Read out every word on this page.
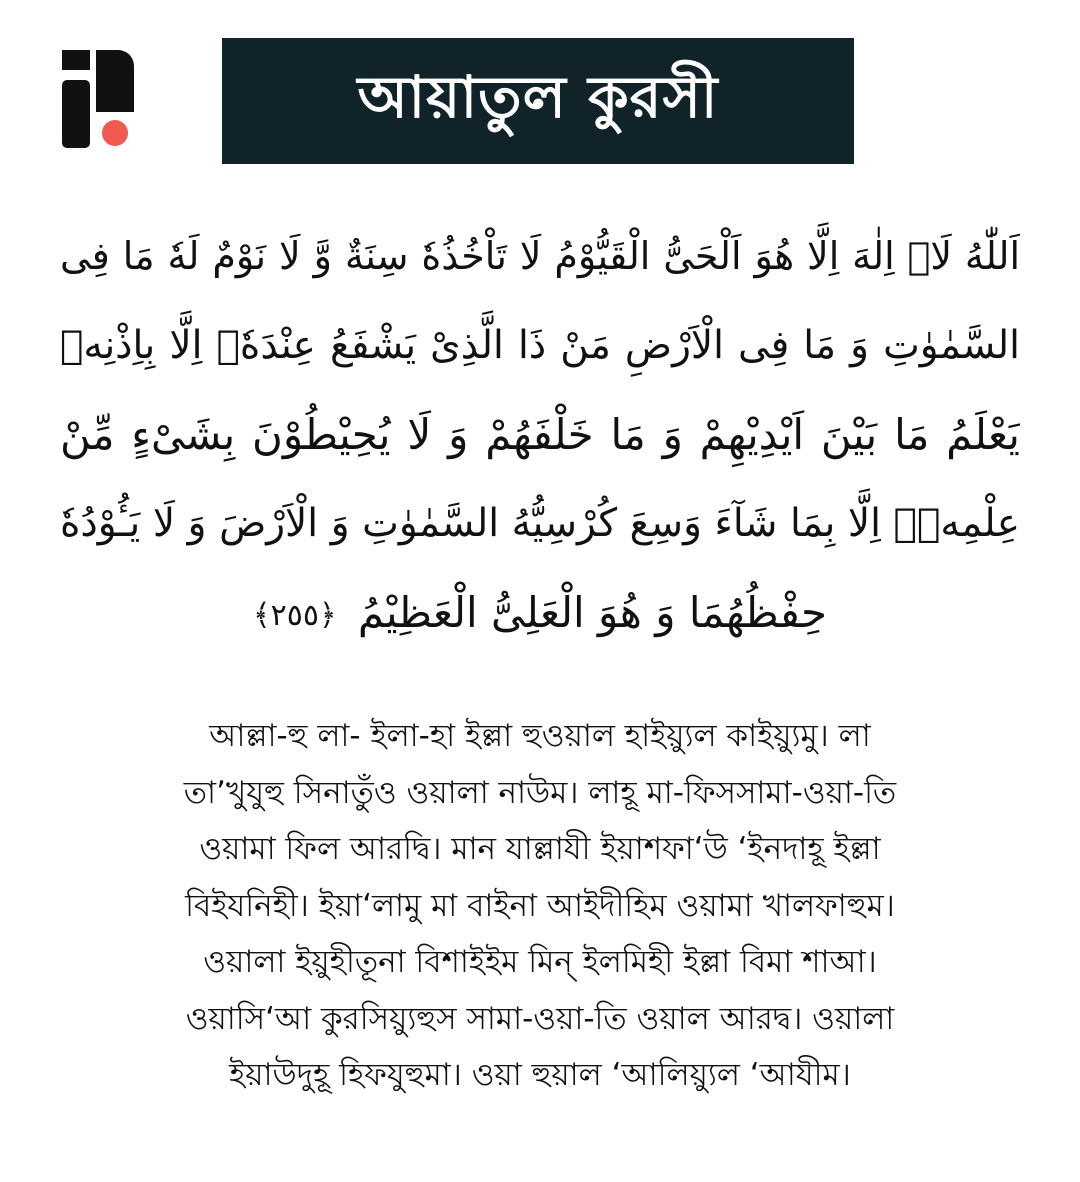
আয়াতুল কুরসী
اَللّٰهُ لَاۤ اِلٰهَ اِلَّا هُوَ اَلْحَیُّ الْقَیُّوْمُ لَا تَاْخُذُهٗ سِنَةٌ وَّ لَا نَوْمٌ لَهٗ مَا فِی
السَّمٰوٰتِ وَ مَا فِی الْاَرْضِ مَنْ ذَا الَّذِیْ یَشْفَعُ عِنْدَهٗۤ اِلَّا بِاِذْنِهٖ
یَعْلَمُ مَا بَیْنَ اَیْدِیْهِمْ وَ مَا خَلْفَهُمْ وَ لَا یُحِیْطُوْنَ بِشَیْءٍ مِّنْ
عِلْمِهٖۤ اِلَّا بِمَا شَآءَ وَسِعَ كُرْسِیُّهُ السَّمٰوٰتِ وَ الْاَرْضَ وَ لَا یَـُٔوْدُهٗ
حِفْظُهُمَا وَ هُوَ الْعَلِیُّ الْعَظِیْمُ ﴿٢٥٥﴾
আল্লা-হু লা- ইলা-হা ইল্লা হুওয়াল হাইয়্যুল কাইয়্যুমু। লা
তা’খুযুহু সিনাতুঁও ওয়ালা নাউম। লাহূ মা-ফিসসামা-ওয়া-তি
ওয়ামা ফিল আরদ্বি। মান যাল্লাযী ইয়াশফা‘উ ‘ইনদাহূ ইল্লা
বিইযনিহী। ইয়া‘লামু মা বাইনা আইদীহিম ওয়ামা খালফাহুম।
ওয়ালা ইয়ুহীতূনা বিশাইইম মিন্ ইলমিহী ইল্লা বিমা শাআ।
ওয়াসি‘আ কুরসিয়্যুহুস সামা-ওয়া-তি ওয়াল আরদ্ব। ওয়ালা
ইয়াউদুহূ হিফযুহুমা। ওয়া হুয়াল ‘আলিয়্যুল ‘আযীম।
